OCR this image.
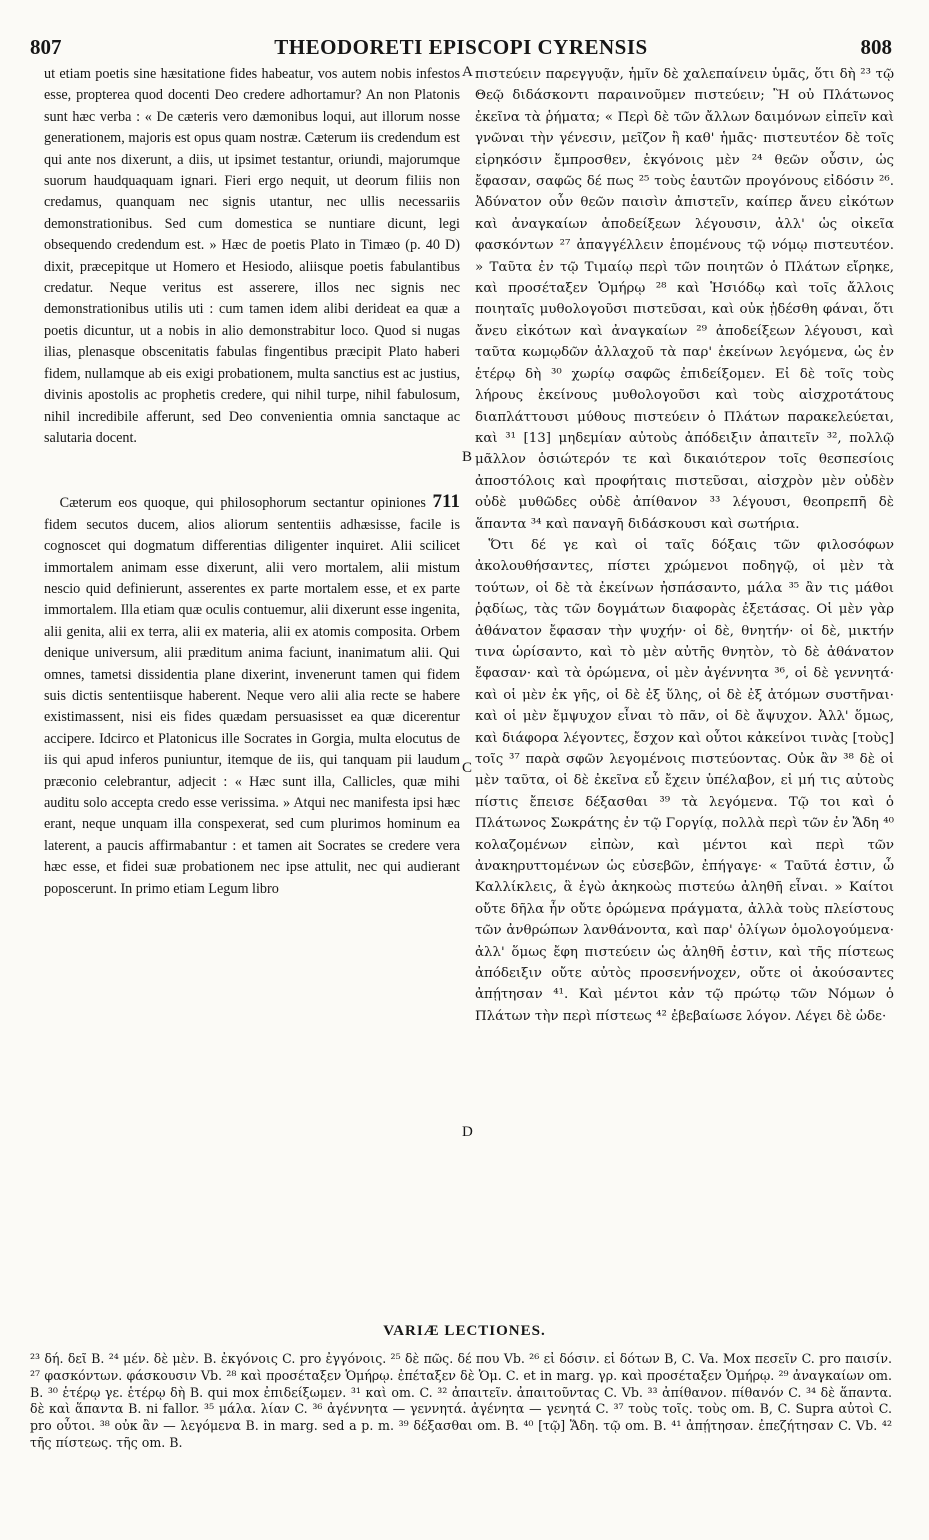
807	THEODORETI EPISCOPI CYRENSIS	808
A
B
C
D

ut etiam poetis sine hæsitatione fides habeatur, vos autem nobis infestos esse, propterea quod docenti Deo credere adhortamur? An non Platonis sunt hæc verba : « De cæteris vero dæmonibus loqui, aut illorum nosse generationem, majoris est opus quam nostræ. Cæterum iis credendum est qui ante nos dixerunt, a diis, ut ipsimet testantur, oriundi, majorumque suorum haudquaquam ignari. Fieri ergo nequit, ut deorum filiis non credamus, quanquam nec signis utantur, nec ullis necessariis demonstrationibus. Sed cum domestica se nuntiare dicunt, legi obsequendo credendum est. » Hæc de poetis Plato in Timæo (p. 40 D) dixit, præcepitque ut Homero et Hesiodo, aliisque poetis fabulantibus credatur. Neque veritus est asserere, illos nec signis nec demonstrationibus utilis uti : cum tamen idem alibi derideat ea quæ a poetis dicuntur, ut a nobis in alio demonstrabitur loco. Quod si nugas ilias, plenasque obscenitatis fabulas fingentibus præcipit Plato haberi fidem, nullamque ab eis exigi probationem, multa sanctius est ac justius, divinis apostolis ac prophetis credere, qui nihil turpe, nihil fabulosum, nihil incredibile afferunt, sed Deo convenientia omnia sanctaque ac salutaria docent.

Cæterum eos quoque, qui philosophorum sectantur opiniones 711 fidem secutos ducem, alios aliorum sententiis adhæsisse, facile is cognoscet qui dogmatum differentias diligenter inquiret. Alii scilicet immortalem animam esse dixerunt, alii vero mortalem, alii mistum nescio quid definierunt, asserentes ex parte mortalem esse, et ex parte immortalem. Illa etiam quæ oculis contuemur, alii dixerunt esse ingenita, alii genita, alii ex terra, alii ex materia, alii ex atomis composita. Orbem denique universum, alii præditum anima faciunt, inanimatum alii. Qui omnes, tametsi dissidentia plane dixerint, invenerunt tamen qui fidem suis dictis sententiisque haberent. Neque vero alii alia recte se habere existimassent, nisi eis fides quædam persuasisset ea quæ dicerentur accipere. Idcirco et Platonicus ille Socrates in Gorgia, multa elocutus de iis qui apud inferos puniuntur, itemque de iis, qui tanquam pii laudum præconio celebrantur, adjecit : « Hæc sunt illa, Callicles, quæ mihi auditu solo accepta credo esse verissima. » Atqui nec manifesta ipsi hæc erant, neque unquam illa conspexerat, sed cum plurimos hominum ea laterent, a paucis affirmabantur : et tamen ait Socrates se credere vera hæc esse, et fidei suæ probationem nec ipse attulit, nec qui audierant poposcerunt. In primo etiam Legum libro

πιστεύειν παρεγγυᾷν, ἡμῖν δὲ χαλεπαίνειν ὑμᾶς, ὅτι δὴ ²³ τῷ Θεῷ διδάσκοντι παραινοῦμεν πιστεύειν; Ἢ οὐ Πλάτωνος ἐκεῖνα τὰ ῥήματα; « Περὶ δὲ τῶν ἄλλων δαιμόνων εἰπεῖν καὶ γνῶναι τὴν γένεσιν, μεῖζον ἢ καθ' ἡμᾶς· πιστευτέον δὲ τοῖς εἰρηκόσιν ἔμπροσθεν, ἐκγόνοις μὲν ²⁴ θεῶν οὖσιν, ὡς ἔφασαν, σαφῶς δέ πως ²⁵ τοὺς ἑαυτῶν προγόνους εἰδόσιν ²⁶. Ἀδύνατον οὖν θεῶν παισὶν ἀπιστεῖν, καίπερ ἄνευ εἰκότων καὶ ἀναγκαίων ἀποδείξεων λέγουσιν, ἀλλ' ὡς οἰκεῖα φασκόντων ²⁷ ἀπαγγέλλειν ἑπομένους τῷ νόμῳ πιστευτέον. » Ταῦτα ἐν τῷ Τιμαίῳ περὶ τῶν ποιητῶν ὁ Πλάτων εἴρηκε, καὶ προσέταξεν Ὁμήρῳ ²⁸ καὶ Ἡσιόδῳ καὶ τοῖς ἄλλοις ποιηταῖς μυθολογοῦσι πιστεῦσαι, καὶ οὐκ ᾐδέσθη φάναι, ὅτι ἄνευ εἰκότων καὶ ἀναγκαίων ²⁹ ἀποδείξεων λέγουσι, καὶ ταῦτα κωμῳδῶν ἀλλαχοῦ τὰ παρ' ἐκείνων λεγόμενα, ὡς ἐν ἑτέρῳ δὴ ³⁰ χωρίῳ σαφῶς ἐπιδείξομεν. Εἰ δὲ τοῖς τοὺς λήρους ἐκείνους μυθολογοῦσι καὶ τοὺς αἰσχροτάτους διαπλάττουσι μύθους πιστεύειν ὁ Πλάτων παρακελεύεται, καὶ ³¹ [13] μηδεμίαν αὐτοὺς ἀπόδειξιν ἀπαιτεῖν ³², πολλῷ μᾶλλον ὁσιώτερόν τε καὶ δικαιότερον τοῖς θεσπεσίοις ἀποστόλοις καὶ προφήταις πιστεῦσαι, αἰσχρὸν μὲν οὐδὲν οὐδὲ μυθῶδες οὐδὲ ἀπίθανον ³³ λέγουσι, θεοπρεπῆ δὲ ἅπαντα ³⁴ καὶ παναγῆ διδάσκουσι καὶ σωτήρια.

Ὅτι δέ γε καὶ οἱ ταῖς δόξαις τῶν φιλοσόφων ἀκολουθήσαντες, πίστει χρώμενοι ποδηγῷ, οἱ μὲν τὰ τούτων, οἱ δὲ τὰ ἐκείνων ἠσπάσαντο, μάλα ³⁵ ἂν τις μάθοι ῥᾳδίως, τὰς τῶν δογμάτων διαφορὰς ἐξετάσας. Οἱ μὲν γὰρ ἀθάνατον ἔφασαν τὴν ψυχήν· οἱ δὲ, θνητήν· οἱ δὲ, μικτήν τινα ὡρίσαντο, καὶ τὸ μὲν αὐτῆς θνητὸν, τὸ δὲ ἀθάνατον ἔφασαν· καὶ τὰ ὁρώμενα, οἱ μὲν ἀγέννητα ³⁶, οἱ δὲ γεννητά· καὶ οἱ μὲν ἐκ γῆς, οἱ δὲ ἐξ ὕλης, οἱ δὲ ἐξ ἀτόμων συστῆναι· καὶ οἱ μὲν ἔμψυχον εἶναι τὸ πᾶν, οἱ δὲ ἄψυχον. Ἀλλ' ὅμως, καὶ διάφορα λέγοντες, ἔσχον καὶ οὗτοι κἀκείνοι τινὰς [τοὺς] τοῖς ³⁷ παρὰ σφῶν λεγομένοις πιστεύοντας. Οὐκ ἂν ³⁸ δὲ οἱ μὲν ταῦτα, οἱ δὲ ἐκεῖνα εὖ ἔχειν ὑπέλαβον, εἰ μή τις αὐτοὺς πίστις ἔπεισε δέξασθαι ³⁹ τὰ λεγόμενα. Τῷ τοι καὶ ὁ Πλάτωνος Σωκράτης ἐν τῷ Γοργίᾳ, πολλὰ περὶ τῶν ἐν Ἅδη ⁴⁰ κολαζομένων εἰπὼν, καὶ μέντοι καὶ περὶ τῶν ἀνακηρυττομένων ὡς εὐσεβῶν, ἐπήγαγε· « Ταῦτά ἐστιν, ὦ Καλλίκλεις, ἃ ἐγὼ ἀκηκοὼς πιστεύω ἀληθῆ εἶναι. » Καίτοι οὔτε δῆλα ἦν οὔτε ὁρώμενα πράγματα, ἀλλὰ τοὺς πλείστους τῶν ἀνθρώπων λανθάνοντα, καὶ παρ' ὀλίγων ὁμολογούμενα· ἀλλ' ὅμως ἔφη πιστεύειν ὡς ἀληθῆ ἐστιν, καὶ τῆς πίστεως ἀπόδειξιν οὔτε αὐτὸς προσενήνοχεν, οὔτε οἱ ἀκούσαντες ἀπῄτησαν ⁴¹. Καὶ μέντοι κἀν τῷ πρώτῳ τῶν Νόμων ὁ Πλάτων τὴν περὶ πίστεως ⁴² ἐβεβαίωσε λόγον. Λέγει δὲ ὡδε·

VARIÆ LECTIONES.

²³ δή. δεῖ B. ²⁴ μέν. δὲ μὲν. B. ἐκγόνοις C. pro ἐγγόνοις. ²⁵ δὲ πῶς. δέ που Vb. ²⁶ εἰ δόσιν. εἰ δότων B, C. Va. Mox πεσεῖν C. pro παισίν. ²⁷ φασκόντων. φάσκουσιν Vb. ²⁸ καὶ προσέταξεν Ὁμήρῳ. ἐπέταξεν δὲ Ὁμ. C. et in marg. γρ. καὶ προσέταξεν Ὁμήρῳ. ²⁹ ἀναγκαίων om. B. ³⁰ ἑτέρῳ γε. ἑτέρῳ δὴ B. qui mox ἐπιδείξωμεν. ³¹ καὶ om. C. ³² ἀπαιτεῖν. ἀπαιτοῦντας C. Vb. ³³ ἀπίθανον. πίθανόν C. ³⁴ δὲ ἅπαντα. δὲ καὶ ἅπαντα B. ni fallor. ³⁵ μάλα. λίαν C. ³⁶ ἀγέννητα — γεννητά. ἀγένητα — γενητά C. ³⁷ τοὺς τοῖς. τοὺς om. B, C. Supra αὐτοὶ C. pro οὗτοι. ³⁸ οὐκ ἂν — λεγόμενα B. in marg. sed a p. m. ³⁹ δέξασθαι om. B. ⁴⁰ [τῷ] Ἅδη. τῷ om. B. ⁴¹ ἀπῄτησαν. ἐπεζήτησαν C. Vb. ⁴² τῆς πίστεως. τῆς om. B.
